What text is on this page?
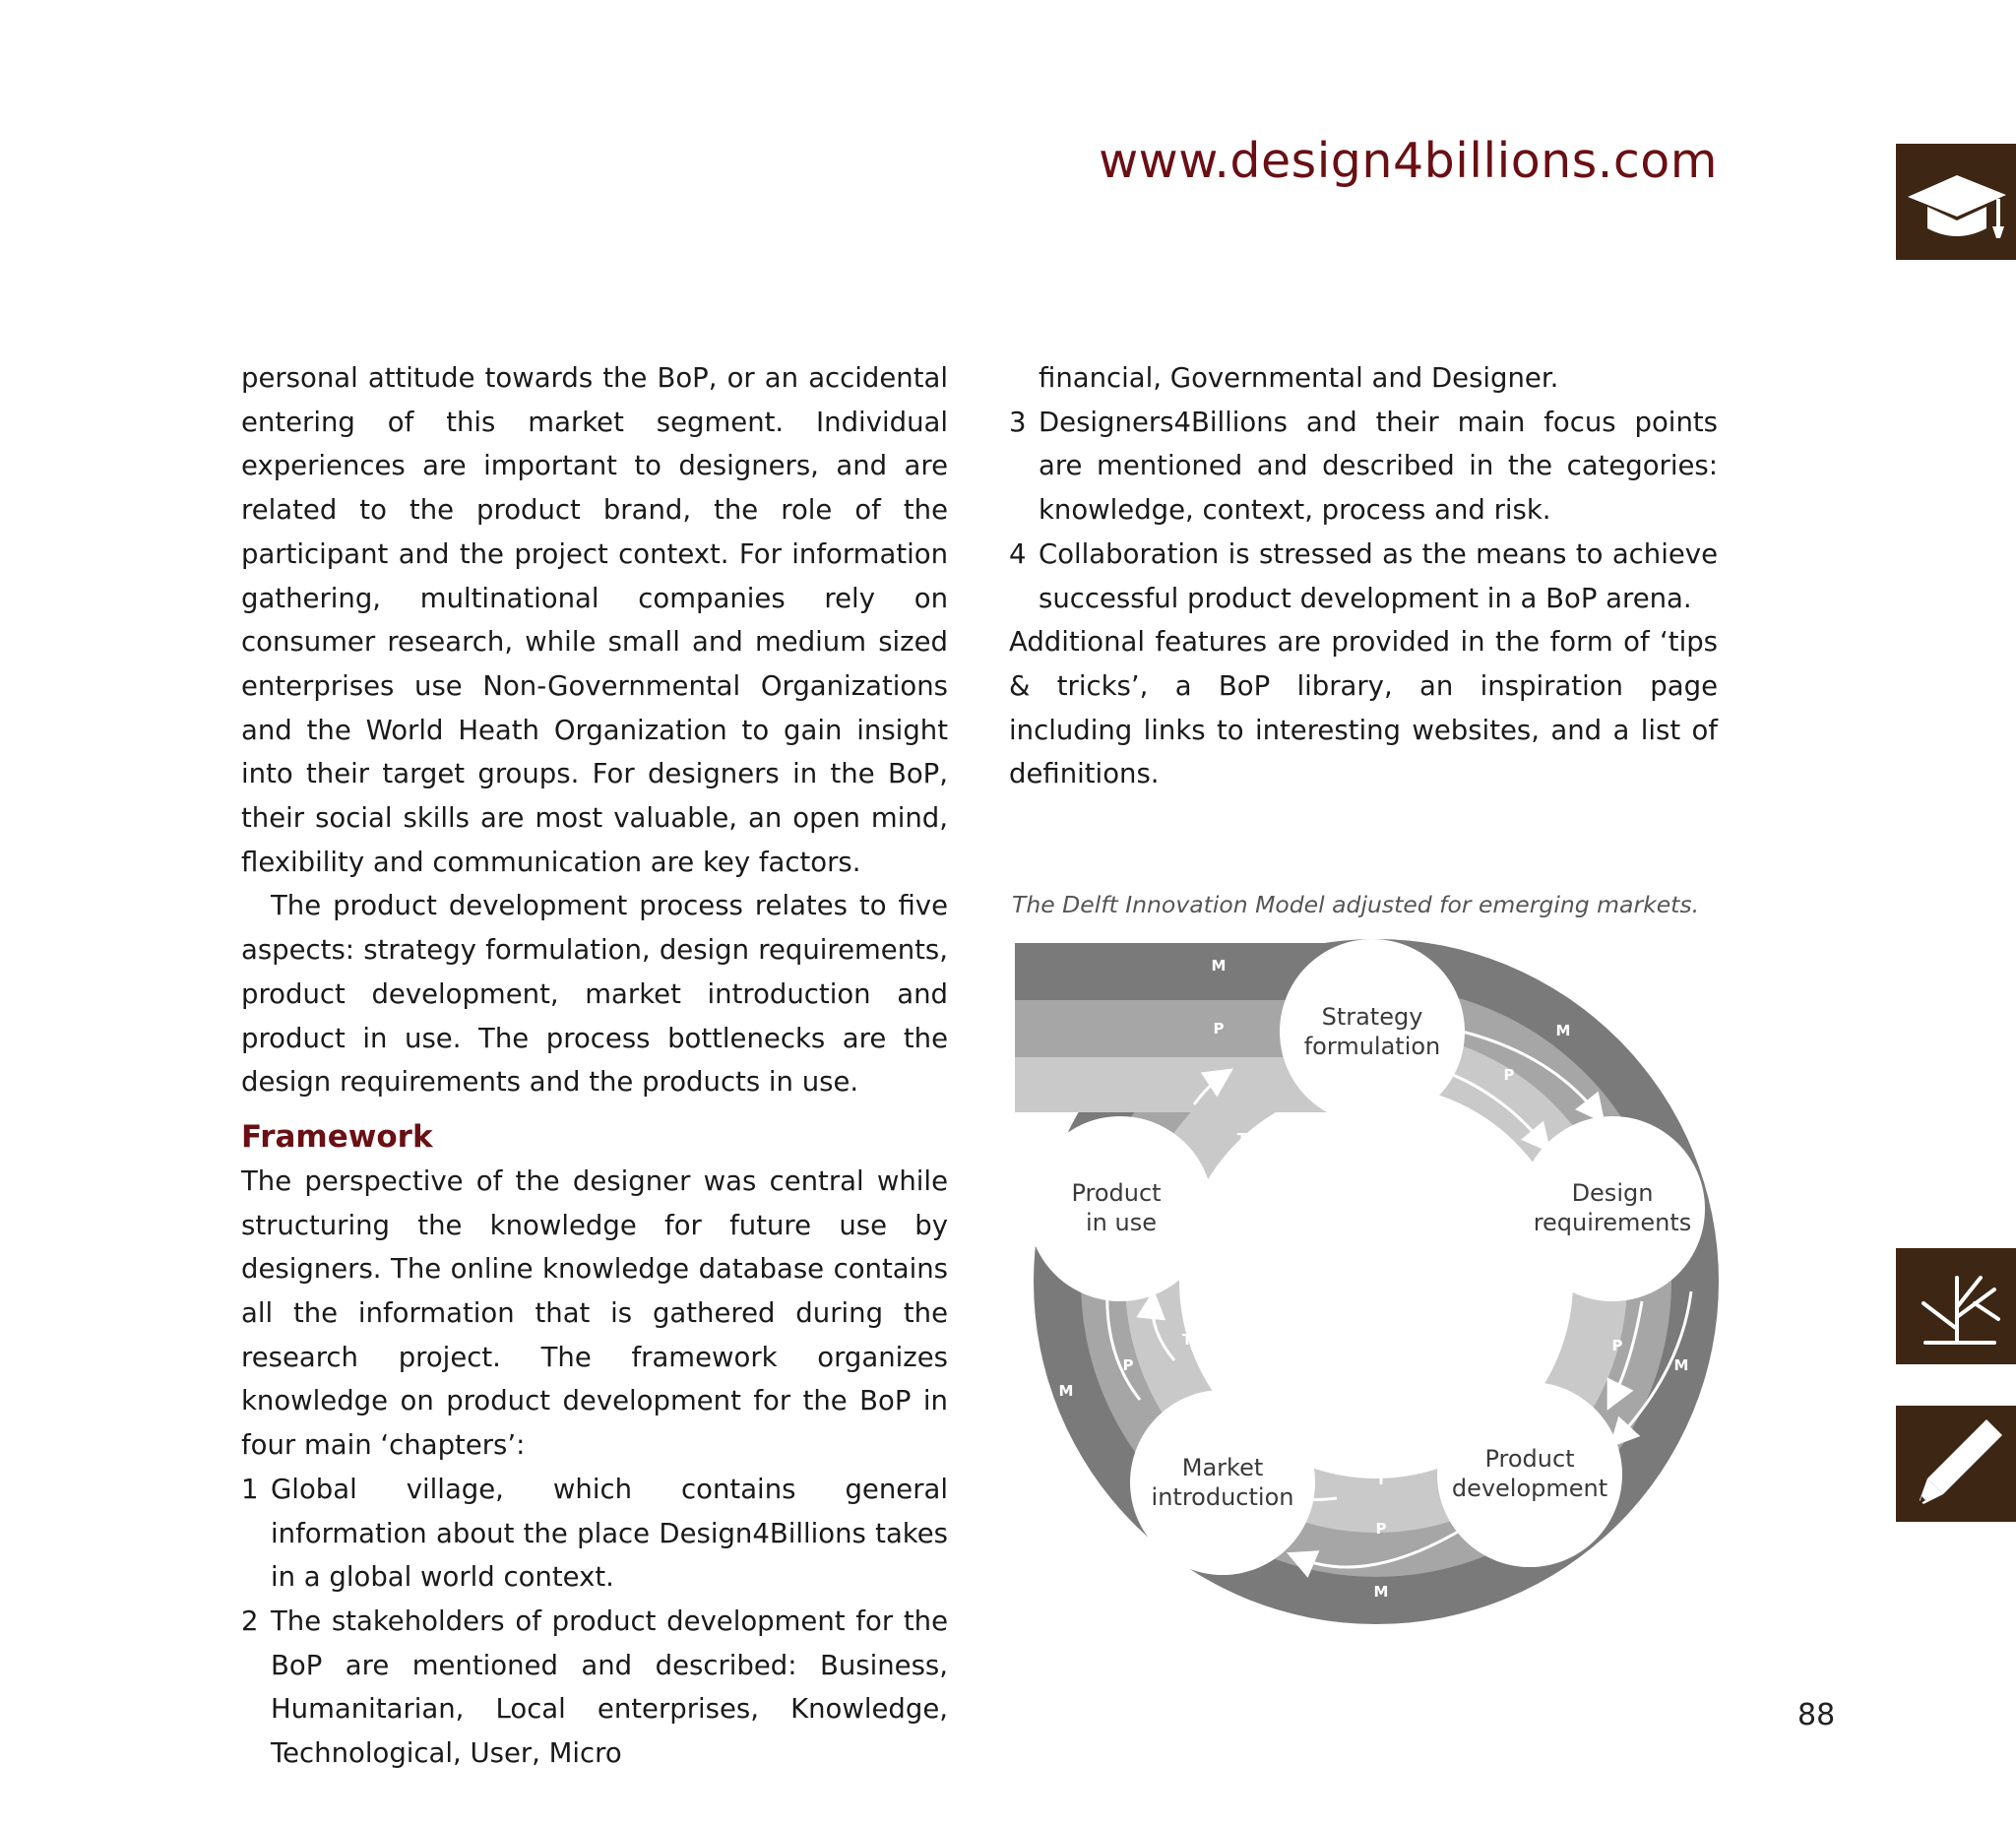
www.design4billions.com

personal attitude towards the BoP, or an accidental entering of this market segment. Individual experiences are important to designers, and are related to the product brand, the role of the participant and the project context. For information gathering, multinational companies rely on consumer research, while small and medium sized enterprises use Non-Governmental Organizations and the World Heath Organization to gain insight into their target groups. For designers in the BoP, their social skills are most valuable, an open mind, flexibility and communication are key factors.

The product development process relates to five aspects: strategy formulation, design requirements, product development, market introduction and product in use. The process bottlenecks are the design requirements and the products in use.

Framework

The perspective of the designer was central while structuring the knowledge for future use by designers. The online knowledge database contains all the information that is gathered during the research project. The framework organizes knowledge on product development for the BoP in four main ‘chapters’:

1 Global village, which contains general information about the place Design4Billions takes in a global world context.
2 The stakeholders of product development for the BoP are mentioned and described: Business, Humanitarian, Local enterprises, Knowledge, Technological, User, Micro
financial, Governmental and Designer.
3 Designers4Billions and their main focus points are mentioned and described in the categories: knowledge, context, process and risk.
4 Collaboration is stressed as the means to achieve successful product development in a BoP arena.

Additional features are provided in the form of ‘tips & tricks’, a BoP library, an inspiration page including links to interesting websites, and a list of definitions.

The Delft Innovation Model adjusted for emerging markets.
M
P
T
M
P
T
M
P
T
M
P
T
M
P
T
T
Strategy
formulation
Design
requirements
Product
development
Market
introduction
Product
in use
88
